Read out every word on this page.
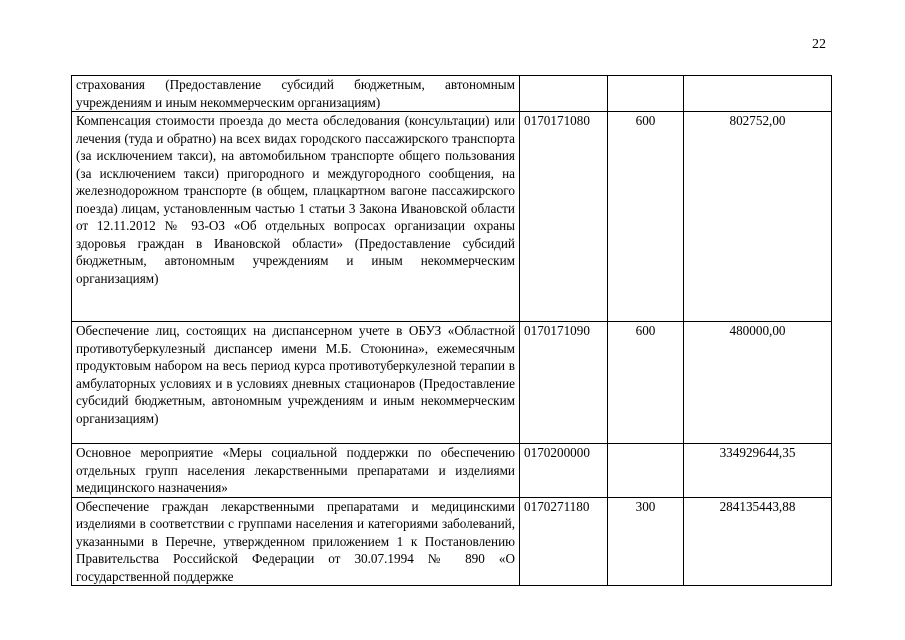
22
страхования (Предоставление субсидий бюджетным, автономным учреждениям и иным некоммерческим организациям)			
Компенсация стоимости проезда до места обследования (консультации) или лечения (туда и обратно) на всех видах городского пассажирского транспорта (за исключением такси), на автомобильном транспорте общего пользования (за исключением такси) пригородного и междугородного сообщения, на железнодорожном транспорте (в общем, плацкартном вагоне пассажирского поезда) лицам, установленным частью 1 статьи 3 Закона Ивановской области от 12.11.2012 № 93-ОЗ «Об отдельных вопросах организации охраны здоровья граждан в Ивановской области» (Предоставление субсидий бюджетным, автономным учреждениям и иным некоммерческим организациям)	0170171080	600	802752,00
Обеспечение лиц, состоящих на диспансерном учете в ОБУЗ «Областной противотуберкулезный диспансер имени М.Б. Стоюнина», ежемесячным продуктовым набором на весь период курса противотуберкулезной терапии в амбулаторных условиях и в условиях дневных стационаров (Предоставление субсидий бюджетным, автономным учреждениям и иным некоммерческим организациям)	0170171090	600	480000,00
Основное мероприятие «Меры социальной поддержки по обеспечению отдельных групп населения лекарственными препаратами и изделиями медицинского назначения»	0170200000		334929644,35
Обеспечение граждан лекарственными препаратами и медицинскими изделиями в соответствии с группами населения и категориями заболеваний, указанными в Перечне, утвержденном приложением 1 к Постановлению Правительства Российской Федерации от 30.07.1994 № 890 «О государственной поддержке	0170271180	300	284135443,88
